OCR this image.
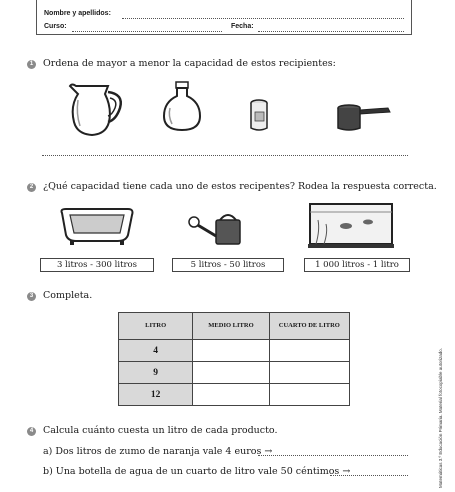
Nombre y apellidos:
Curso:	Fecha:
1 Ordena de mayor a menor la capacidad de estos recipientes:
2 ¿Qué capacidad tiene cada uno de estos recipentes? Rodea la respuesta correcta.
3 litros - 300 litros	5 litros - 50 litros	1 000 litros - 1 litro
3 Completa.
LITRO	MEDIO LITRO	CUARTO DE LITRO
4		
9		
12		
4 Calcula cuánto cuesta un litro de cada producto.
a) Dos litros de zumo de naranja vale 4 euros →
b) Una botella de agua de un cuarto de litro vale 50 céntimos →	Matemáticas 3.º Educación Primaria. Material fotocopiable autorizado.
